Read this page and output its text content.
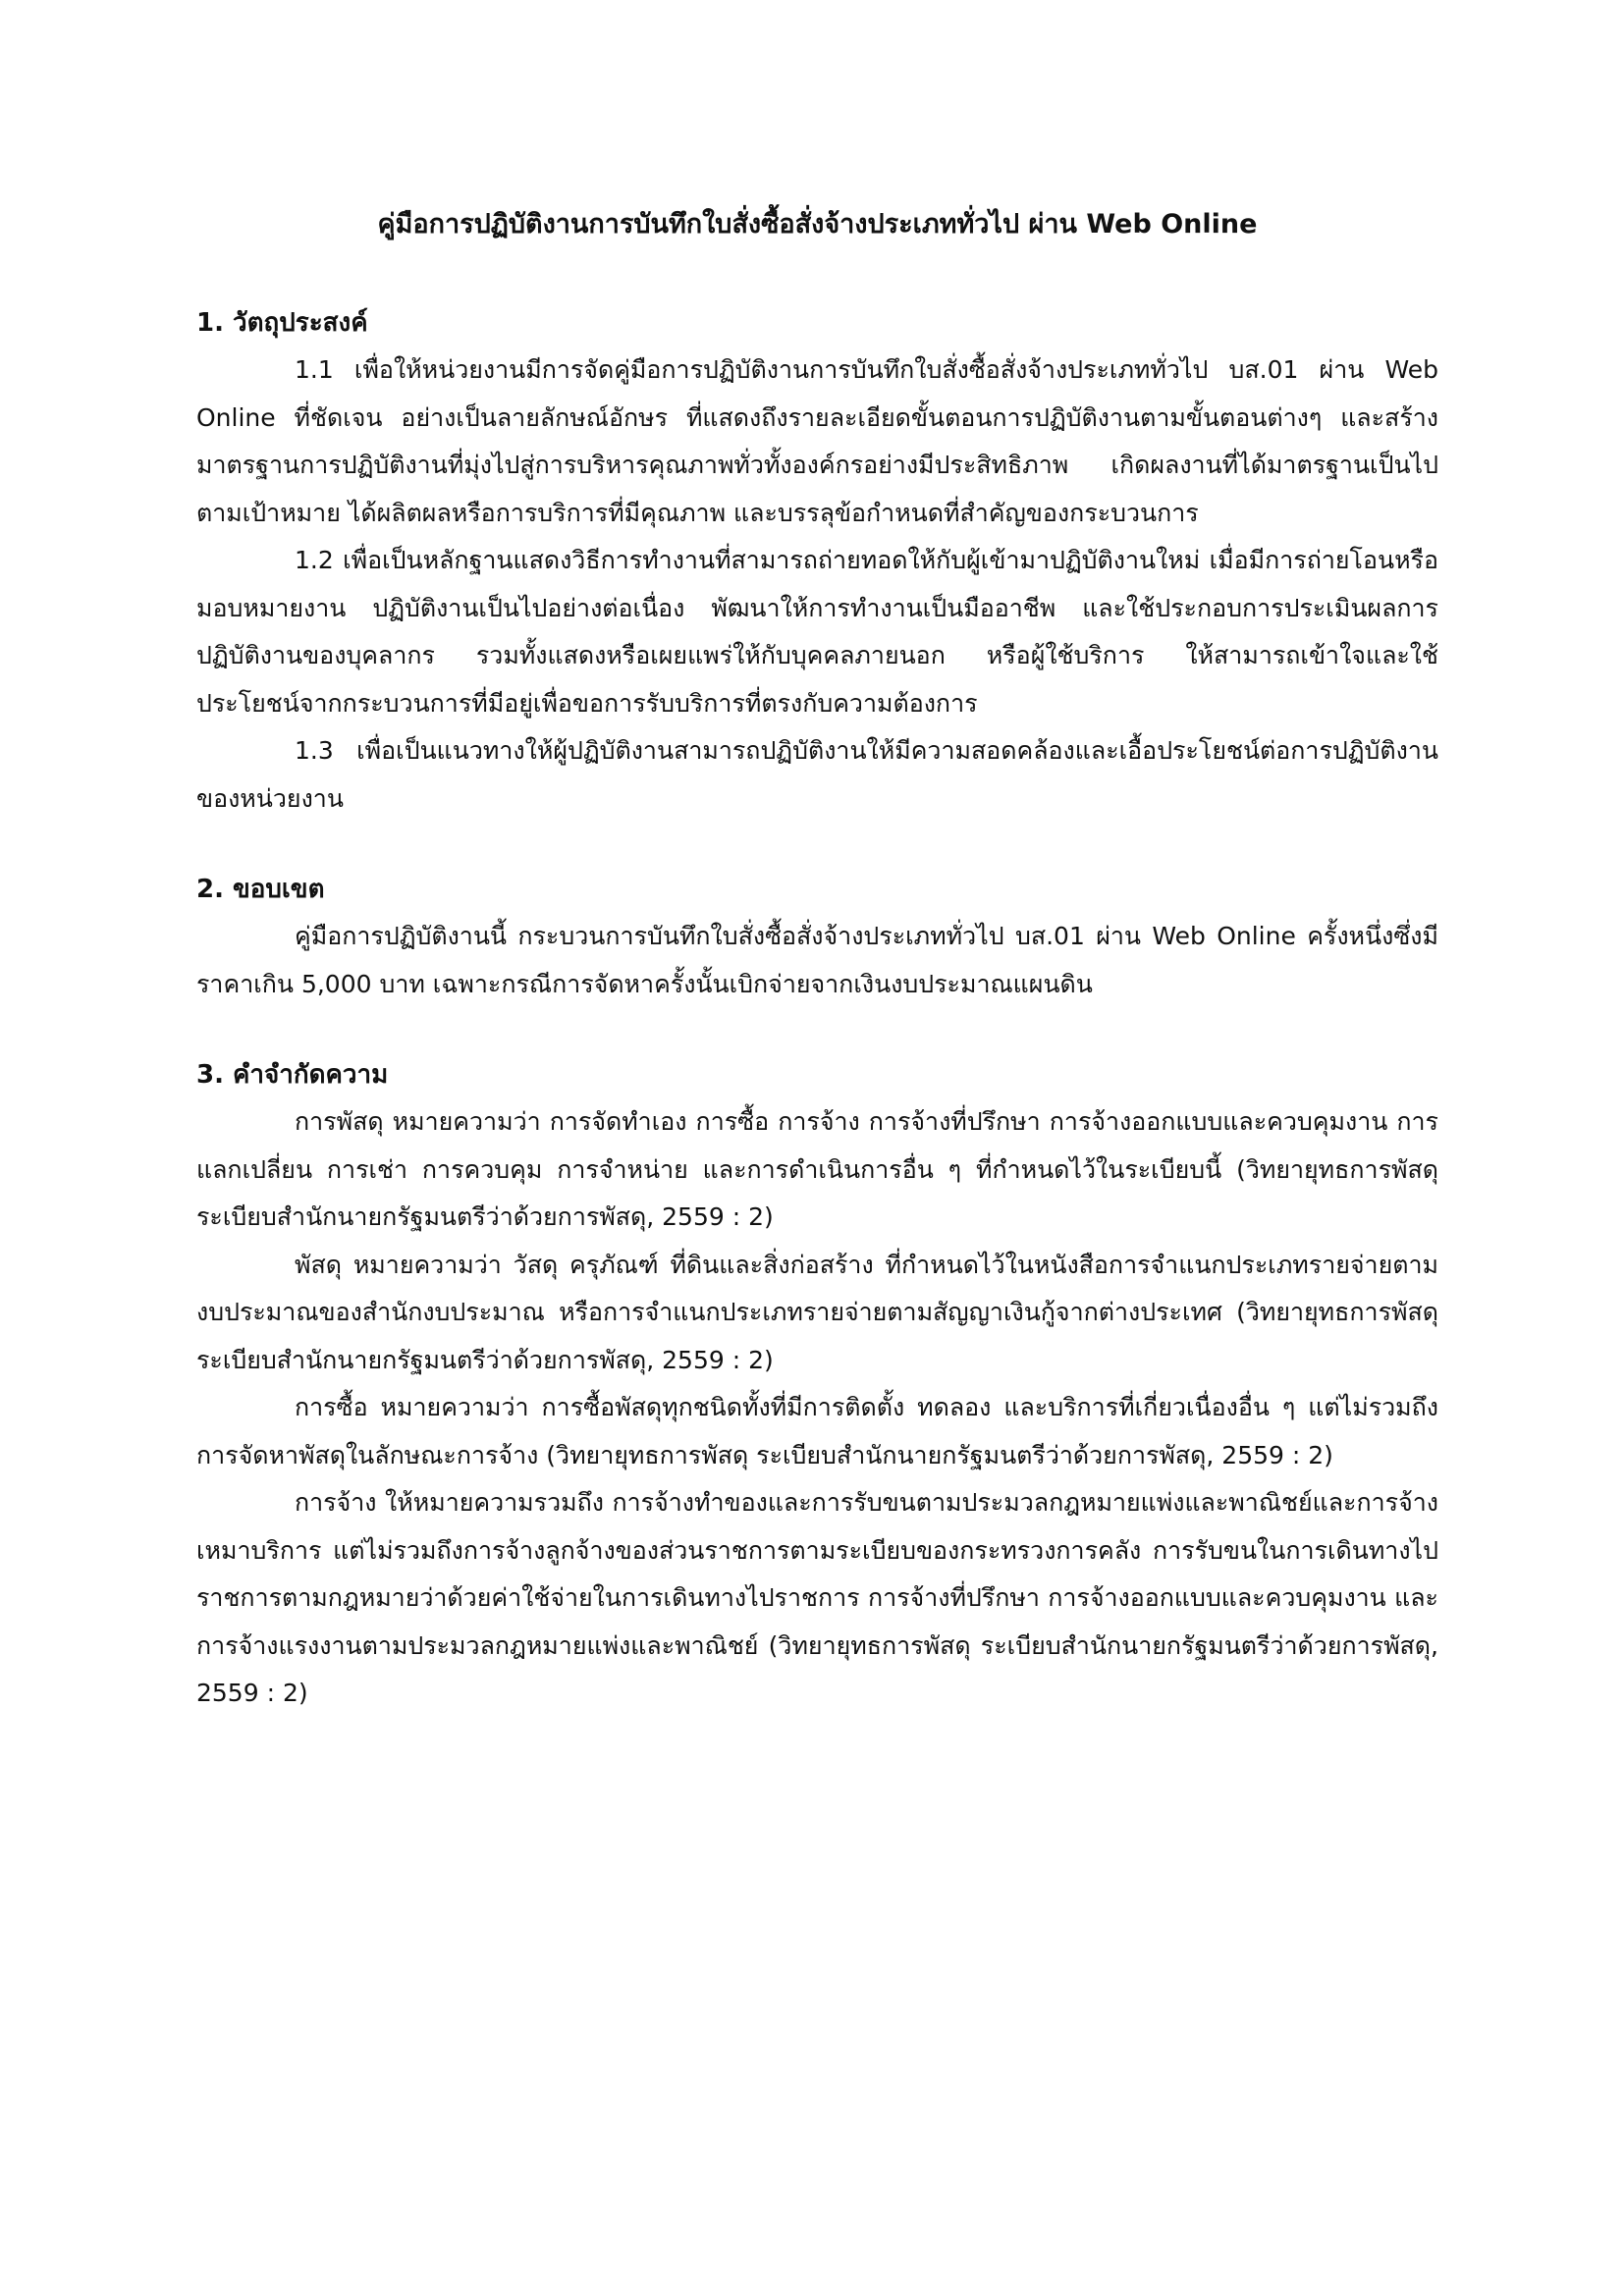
คู่มือการปฏิบัติงานการบันทึกใบสั่งซื้อสั่งจ้างประเภททั่วไป ผ่าน Web Online
1. วัตถุประสงค์

1.1 เพื่อให้หน่วยงานมีการจัดคู่มือการปฏิบัติงานการบันทึกใบสั่งซื้อสั่งจ้างประเภททั่วไป บส.01 ผ่าน Web Online ที่ชัดเจน อย่างเป็นลายลักษณ์อักษร ที่แสดงถึงรายละเอียดขั้นตอนการปฏิบัติงานตามขั้นตอนต่างๆ และสร้างมาตรฐานการปฏิบัติงานที่มุ่งไปสู่การบริหารคุณภาพทั่วทั้งองค์กรอย่างมีประสิทธิภาพ เกิดผลงานที่ได้มาตรฐานเป็นไปตามเป้าหมาย ได้ผลิตผลหรือการบริการที่มีคุณภาพ และบรรลุข้อกำหนดที่สำคัญของกระบวนการ

1.2 เพื่อเป็นหลักฐานแสดงวิธีการทำงานที่สามารถถ่ายทอดให้กับผู้เข้ามาปฏิบัติงานใหม่ เมื่อมีการถ่ายโอนหรือมอบหมายงาน ปฏิบัติงานเป็นไปอย่างต่อเนื่อง พัฒนาให้การทำงานเป็นมืออาชีพ และใช้ประกอบการประเมินผลการปฏิบัติงานของบุคลากร รวมทั้งแสดงหรือเผยแพร่ให้กับบุคคลภายนอก หรือผู้ใช้บริการ ให้สามารถเข้าใจและใช้ประโยชน์จากกระบวนการที่มีอยู่เพื่อขอการรับบริการที่ตรงกับความต้องการ

1.3 เพื่อเป็นแนวทางให้ผู้ปฏิบัติงานสามารถปฏิบัติงานให้มีความสอดคล้องและเอื้อประโยชน์ต่อการปฏิบัติงานของหน่วยงาน

2. ขอบเขต

คู่มือการปฏิบัติงานนี้ กระบวนการบันทึกใบสั่งซื้อสั่งจ้างประเภททั่วไป บส.01 ผ่าน Web Online ครั้งหนึ่งซึ่งมีราคาเกิน 5,000 บาท เฉพาะกรณีการจัดหาครั้งนั้นเบิกจ่ายจากเงินงบประมาณแผนดิน

3. คำจำกัดความ

การพัสดุ หมายความว่า การจัดทำเอง การซื้อ การจ้าง การจ้างที่ปรึกษา การจ้างออกแบบและควบคุมงาน การแลกเปลี่ยน การเช่า การควบคุม การจำหน่าย และการดำเนินการอื่น ๆ ที่กำหนดไว้ในระเบียบนี้ (วิทยายุทธการพัสดุ ระเบียบสำนักนายกรัฐมนตรีว่าด้วยการพัสดุ, 2559 : 2)

พัสดุ หมายความว่า วัสดุ ครุภัณฑ์ ที่ดินและสิ่งก่อสร้าง ที่กำหนดไว้ในหนังสือการจำแนกประเภทรายจ่ายตามงบประมาณของสำนักงบประมาณ หรือการจำแนกประเภทรายจ่ายตามสัญญาเงินกู้จากต่างประเทศ (วิทยายุทธการพัสดุ ระเบียบสำนักนายกรัฐมนตรีว่าด้วยการพัสดุ, 2559 : 2)

การซื้อ หมายความว่า การซื้อพัสดุทุกชนิดทั้งที่มีการติดตั้ง ทดลอง และบริการที่เกี่ยวเนื่องอื่น ๆ แต่ไม่รวมถึงการจัดหาพัสดุในลักษณะการจ้าง (วิทยายุทธการพัสดุ ระเบียบสำนักนายกรัฐมนตรีว่าด้วยการพัสดุ, 2559 : 2)

การจ้าง ให้หมายความรวมถึง การจ้างทำของและการรับขนตามประมวลกฎหมายแพ่งและพาณิชย์และการจ้างเหมาบริการ แต่ไม่รวมถึงการจ้างลูกจ้างของส่วนราชการตามระเบียบของกระทรวงการคลัง การรับขนในการเดินทางไปราชการตามกฎหมายว่าด้วยค่าใช้จ่ายในการเดินทางไปราชการ การจ้างที่ปรึกษา การจ้างออกแบบและควบคุมงาน และการจ้างแรงงานตามประมวลกฎหมายแพ่งและพาณิชย์ (วิทยายุทธการพัสดุ ระเบียบสำนักนายกรัฐมนตรีว่าด้วยการพัสดุ, 2559 : 2)
